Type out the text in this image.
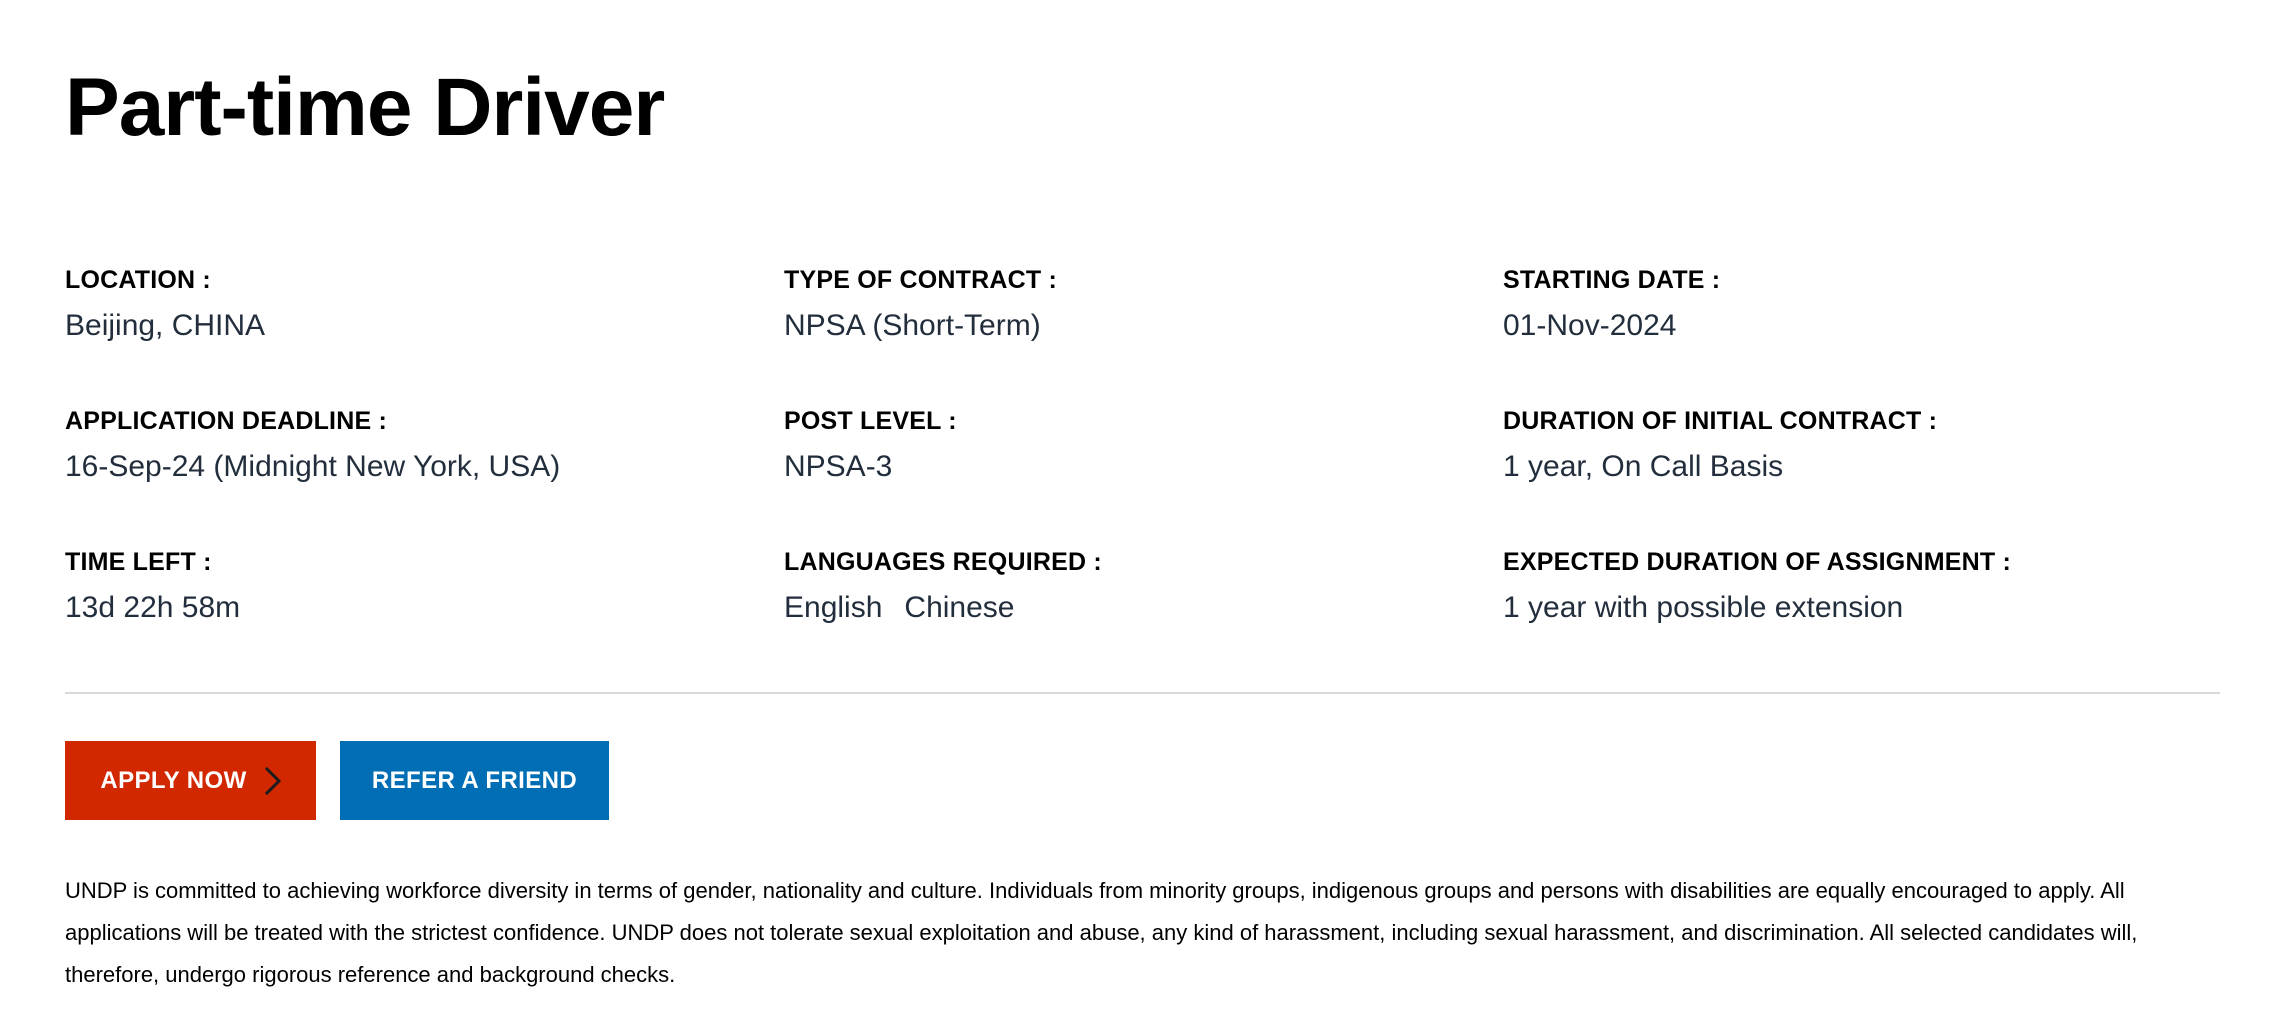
Part-time Driver
LOCATION :
Beijing, CHINA
TYPE OF CONTRACT :
NPSA (Short-Term)
STARTING DATE :
01-Nov-2024
APPLICATION DEADLINE :
16-Sep-24 (Midnight New York, USA)
POST LEVEL :
NPSA-3
DURATION OF INITIAL CONTRACT :
1 year, On Call Basis
TIME LEFT :
13d 22h 58m
LANGUAGES REQUIRED :
English Chinese
EXPECTED DURATION OF ASSIGNMENT :
1 year with possible extension
APPLY NOW	REFER A FRIEND

UNDP is committed to achieving workforce diversity in terms of gender, nationality and culture. Individuals from minority groups, indigenous groups and persons with disabilities are equally encouraged to apply. All applications will be treated with the strictest confidence. UNDP does not tolerate sexual exploitation and abuse, any kind of harassment, including sexual harassment, and discrimination. All selected candidates will, therefore, undergo rigorous reference and background checks.
